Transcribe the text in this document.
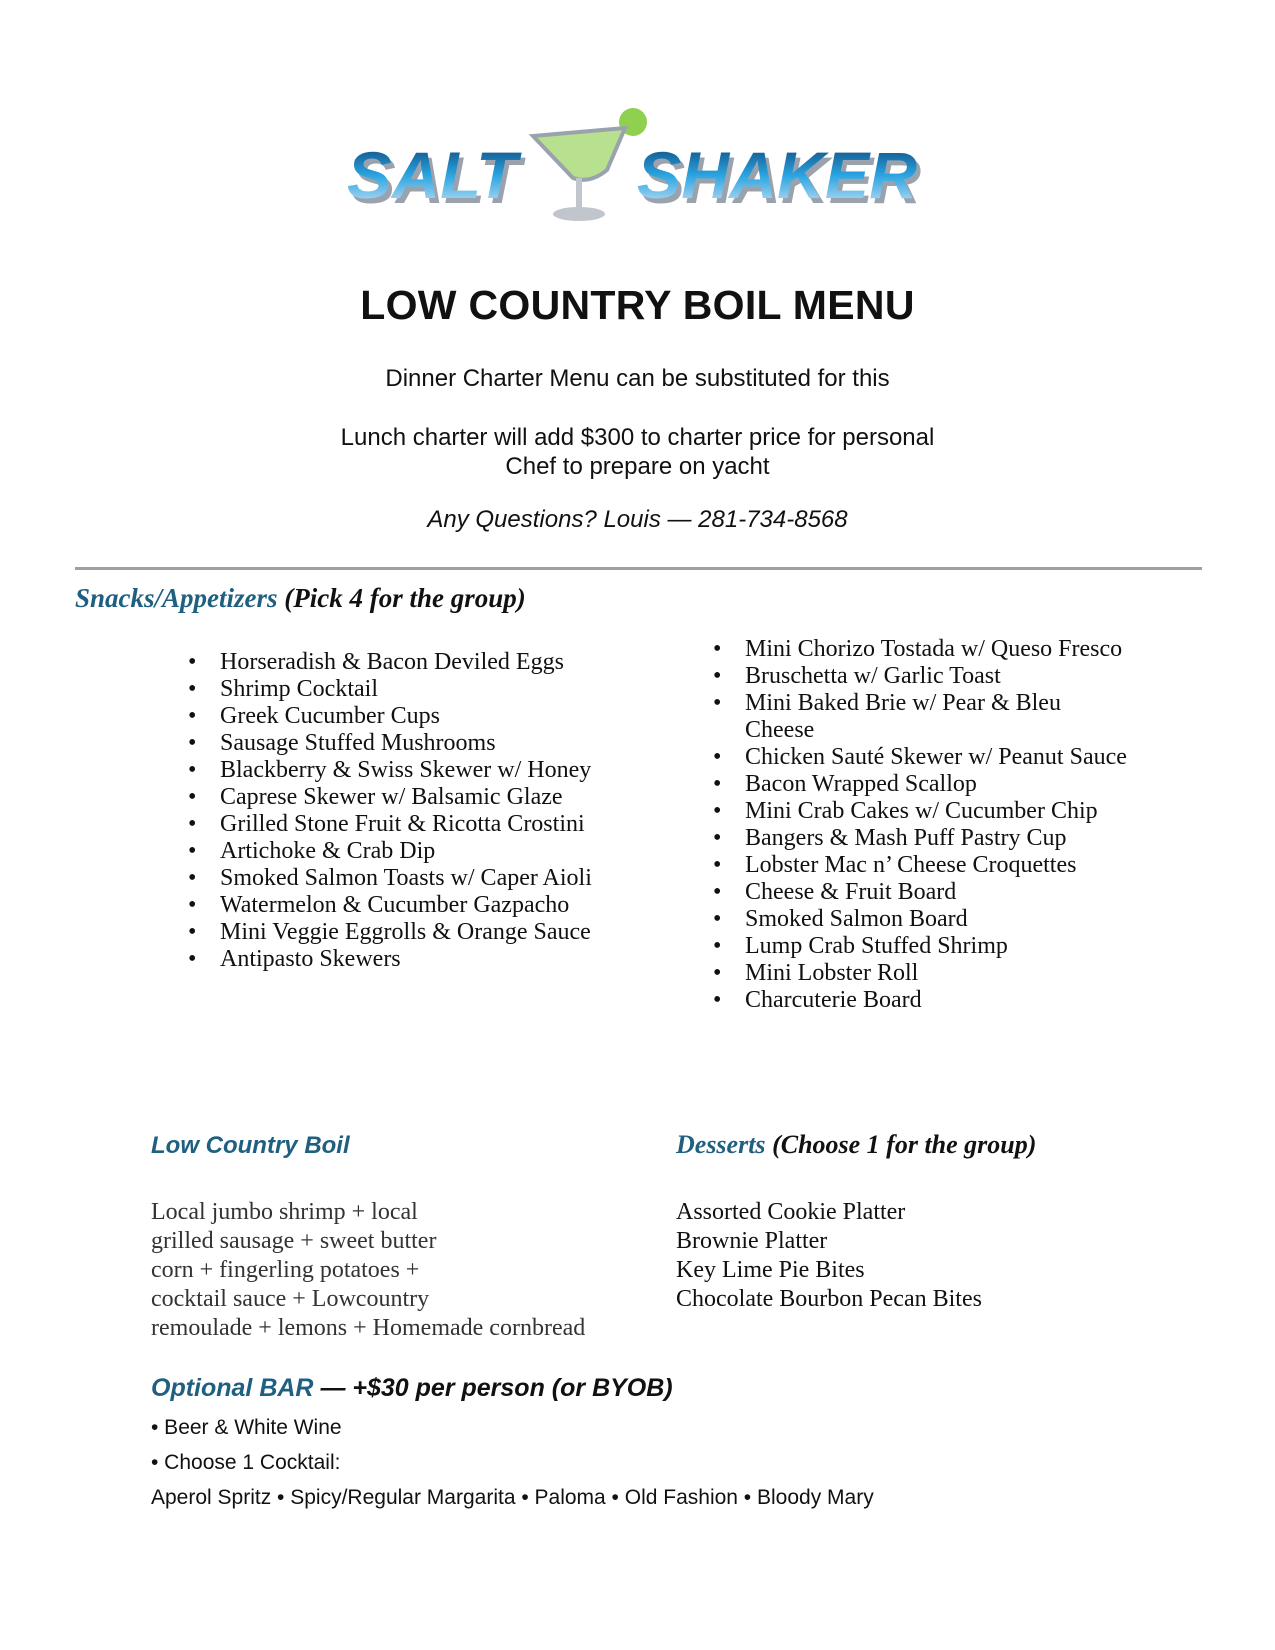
SALT SHAKER
LOW COUNTRY BOIL MENU
Dinner Charter Menu can be substituted for this
Lunch charter will add $300 to charter price for personal
Chef to prepare on yacht
Any Questions? Louis — 281-734-8568
Snacks/Appetizers (Pick 4 for the group)
• Horseradish & Bacon Deviled Eggs
• Shrimp Cocktail
• Greek Cucumber Cups
• Sausage Stuffed Mushrooms
• Blackberry & Swiss Skewer w/ Honey
• Caprese Skewer w/ Balsamic Glaze
• Grilled Stone Fruit & Ricotta Crostini
• Artichoke & Crab Dip
• Smoked Salmon Toasts w/ Caper Aioli
• Watermelon & Cucumber Gazpacho
• Mini Veggie Eggrolls & Orange Sauce
• Antipasto Skewers
• Mini Chorizo Tostada w/ Queso Fresco
• Bruschetta w/ Garlic Toast
• Mini Baked Brie w/ Pear & Bleu Cheese
• Chicken Sauté Skewer w/ Peanut Sauce
• Bacon Wrapped Scallop
• Mini Crab Cakes w/ Cucumber Chip
• Bangers & Mash Puff Pastry Cup
• Lobster Mac n’ Cheese Croquettes
• Cheese & Fruit Board
• Smoked Salmon Board
• Lump Crab Stuffed Shrimp
• Mini Lobster Roll
• Charcuterie Board
Low Country Boil	Desserts (Choose 1 for the group)
Local jumbo shrimp + local
grilled sausage + sweet butter
corn + fingerling potatoes +
cocktail sauce + Lowcountry
remoulade + lemons + Homemade cornbread
Assorted Cookie Platter
Brownie Platter
Key Lime Pie Bites
Chocolate Bourbon Pecan Bites
Optional BAR — +$30 per person (or BYOB)
• Beer & White Wine
• Choose 1 Cocktail:
Aperol Spritz • Spicy/Regular Margarita • Paloma • Old Fashion • Bloody Mary
